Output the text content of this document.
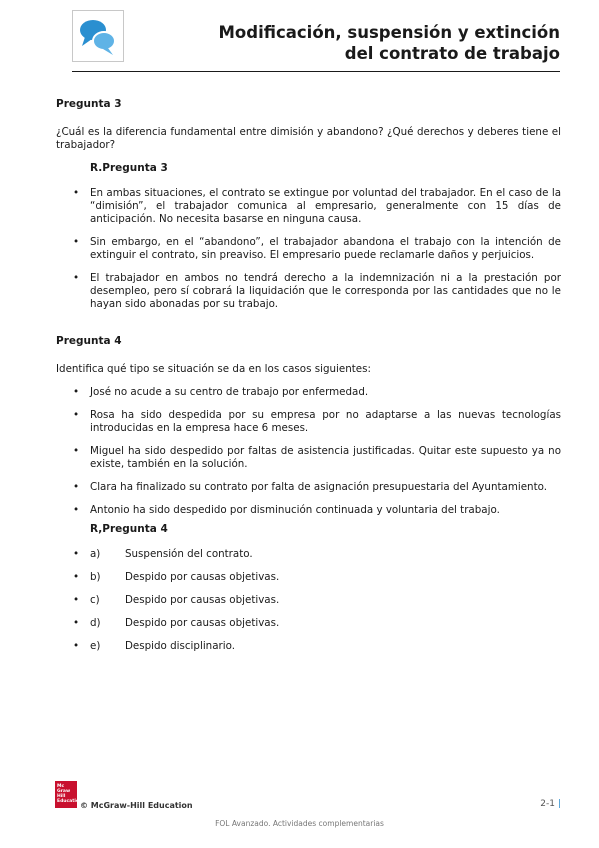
Modificación, suspensión y extinción
del contrato de trabajo
Pregunta 3
¿Cuál es la diferencia fundamental entre dimisión y abandono? ¿Qué derechos y deberes tiene el trabajador?
R.Pregunta 3
• En ambas situaciones, el contrato se extingue por voluntad del trabajador. En el caso de la “dimisión”, el trabajador comunica al empresario, generalmente con 15 días de anticipación. No necesita basarse en ninguna causa.
• Sin embargo, en el “abandono”, el trabajador abandona el trabajo con la intención de extinguir el contrato, sin preaviso. El empresario puede reclamarle daños y perjuicios.
• El trabajador en ambos no tendrá derecho a la indemnización ni a la prestación por desempleo, pero sí cobrará la liquidación que le corresponda por las cantidades que no le hayan sido abonadas por su trabajo.
Pregunta 4
Identifica qué tipo se situación se da en los casos siguientes:
• José no acude a su centro de trabajo por enfermedad.
• Rosa ha sido despedida por su empresa por no adaptarse a las nuevas tecnologías introducidas en la empresa hace 6 meses.
• Miguel ha sido despedido por faltas de asistencia justificadas. Quitar este supuesto ya no existe, también en la solución.
• Clara ha finalizado su contrato por falta de asignación presupuestaria del Ayuntamiento.
• Antonio ha sido despedido por disminución continuada y voluntaria del trabajo.
R,Pregunta 4
• a) Suspensión del contrato.
• b) Despido por causas objetivas.
• c) Despido por causas objetivas.
• d) Despido por causas objetivas.
• e) Despido disciplinario.
Mc
Graw
Hill
Education
© McGraw-Hill Education	2-1 |
FOL Avanzado. Actividades complementarias
